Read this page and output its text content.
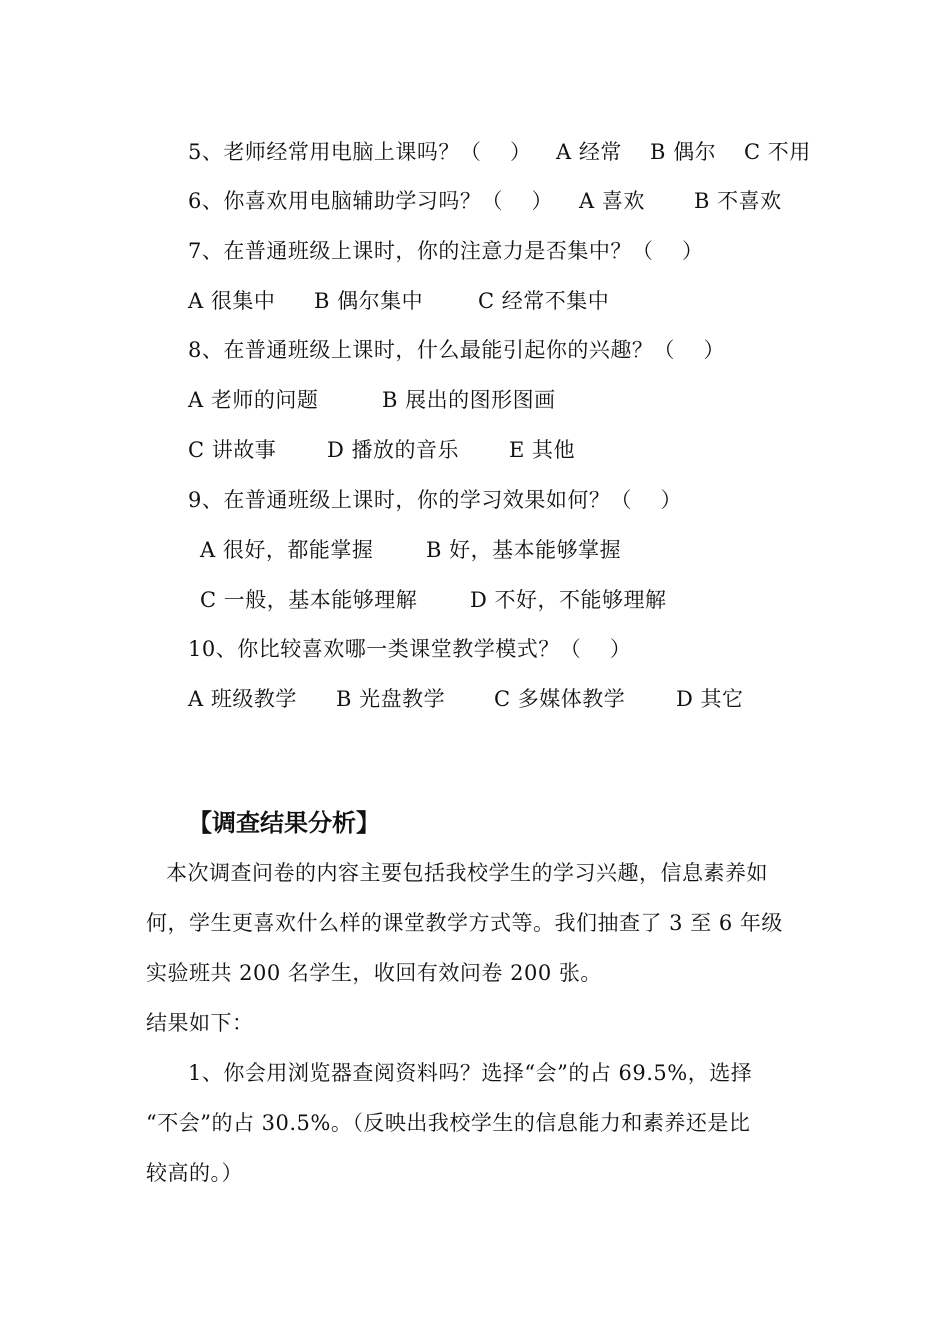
5、老师经常用电脑上课吗？（　 ） A 经常 B 偶尔 C 不用
6、你喜欢用电脑辅助学习吗？（　 ） A 喜欢 B 不喜欢
7、在普通班级上课时，你的注意力是否集中？（　 ）
A 很集中 B 偶尔集中	C 经常不集中
8、在普通班级上课时，什么最能引起你的兴趣？（　 ）
A 老师的问题	B 展出的图形图画
C 讲故事 D 播放的音乐 E 其他
9、在普通班级上课时，你的学习效果如何？（　 ）
A 很好，都能掌握	B 好，基本能够掌握
C 一般，基本能够理解	D 不好，不能够理解
10、你比较喜欢哪一类课堂教学模式？（　 ）
A 班级教学 B 光盘教学 C 多媒体教学 D 其它
【调查结果分析】
本次调查问卷的内容主要包括我校学生的学习兴趣，信息素养如
何，学生更喜欢什么样的课堂教学方式等。我们抽查了 3 至 6 年级
实验班共 200 名学生，收回有效问卷 200 张。
结果如下：
1、你会用浏览器查阅资料吗？选择“会”的占 69.5%，选择
“不会”的占 30.5%。（反映出我校学生的信息能力和素养还是比
较高的。）
